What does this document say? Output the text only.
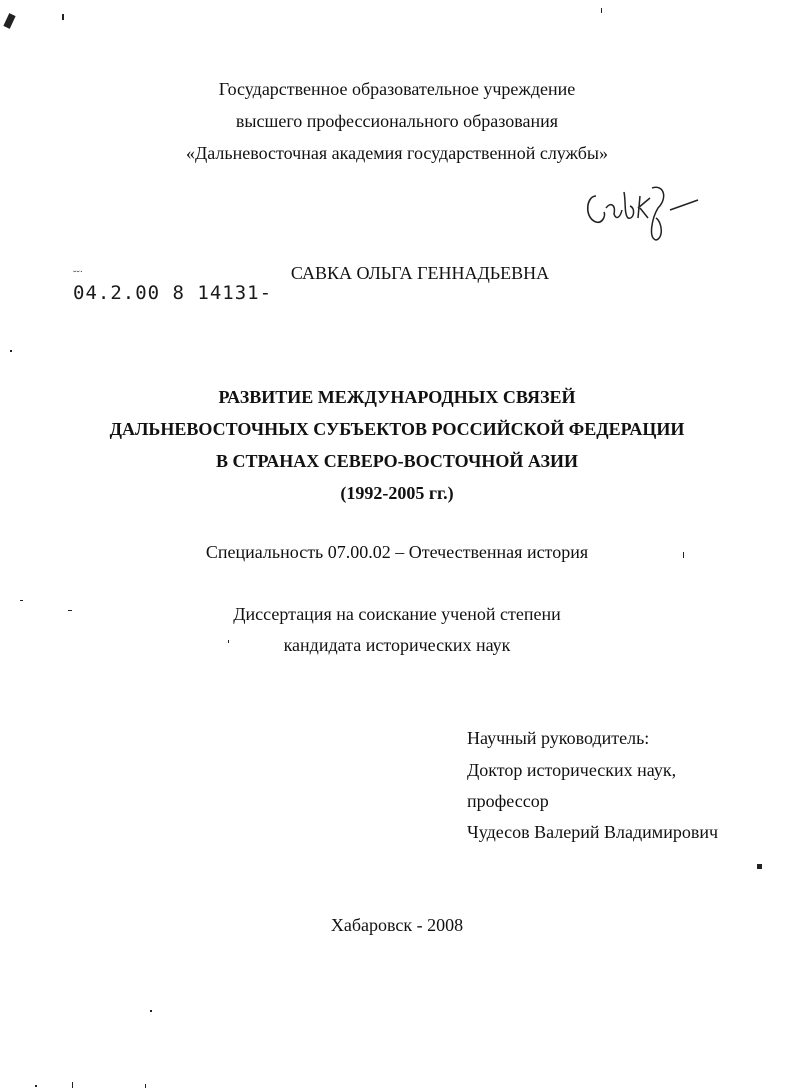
Государственное образовательное учреждение
высшего профессионального образования
«Дальневосточная академия государственной службы»
˘˘˙
04.2.00 8 14131-
САВКА ОЛЬГА ГЕННАДЬЕВНА
РАЗВИТИЕ МЕЖДУНАРОДНЫХ СВЯЗЕЙ
ДАЛЬНЕВОСТОЧНЫХ СУБЪЕКТОВ РОССИЙСКОЙ ФЕДЕРАЦИИ
В СТРАНАХ СЕВЕРО-ВОСТОЧНОЙ АЗИИ
(1992-2005 гг.)
Специальность 07.00.02 – Отечественная история
Диссертация на соискание ученой степени
кандидата исторических наук
Научный руководитель:
Доктор исторических наук,
профессор
Чудесов Валерий Владимирович
Хабаровск - 2008
